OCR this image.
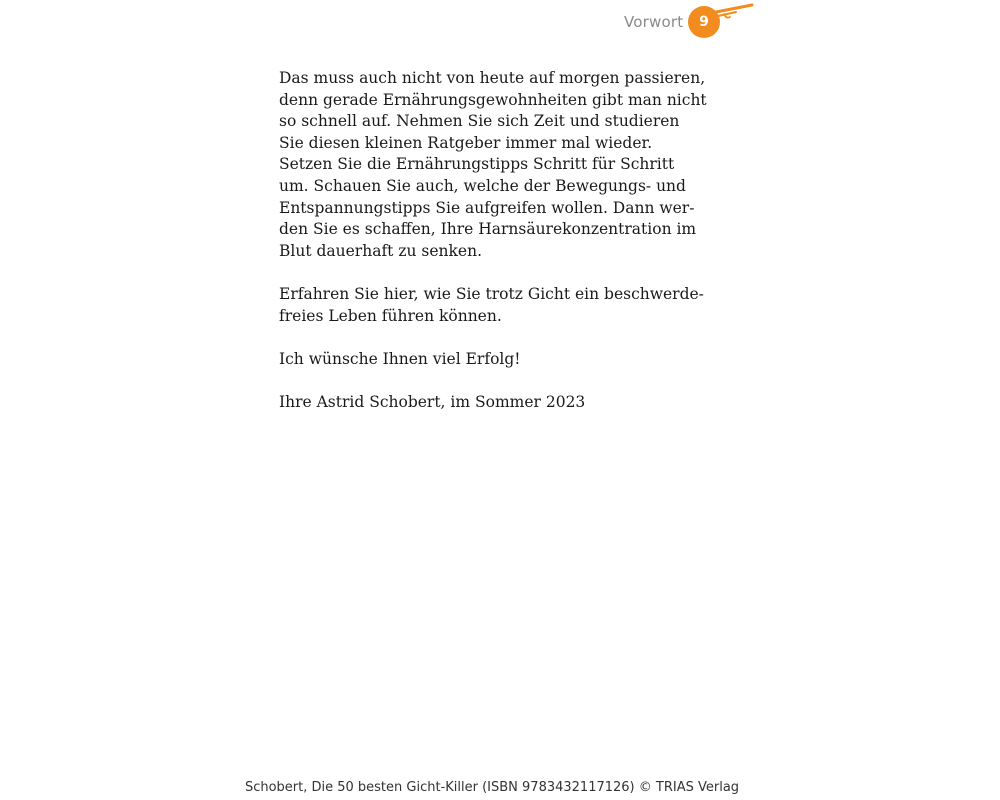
Vorwort	9

Das muss auch nicht von heute auf morgen passieren,
denn gerade Ernährungsgewohnheiten gibt man nicht
so schnell auf. Nehmen Sie sich Zeit und studieren
Sie diesen kleinen Ratgeber immer mal wieder.
Setzen Sie die Ernährungstipps Schritt für Schritt
um. Schauen Sie auch, welche der Bewegungs- und
Entspannungstipps Sie aufgreifen wollen. Dann wer-
den Sie es schaffen, Ihre Harnsäurekonzentration im
Blut dauerhaft zu senken.

Erfahren Sie hier, wie Sie trotz Gicht ein beschwerde-
freies Leben führen können.

Ich wünsche Ihnen viel Erfolg!

Ihre Astrid Schobert, im Sommer 2023

Schobert, Die 50 besten Gicht-Killer (ISBN 9783432117126) © TRIAS Verlag
